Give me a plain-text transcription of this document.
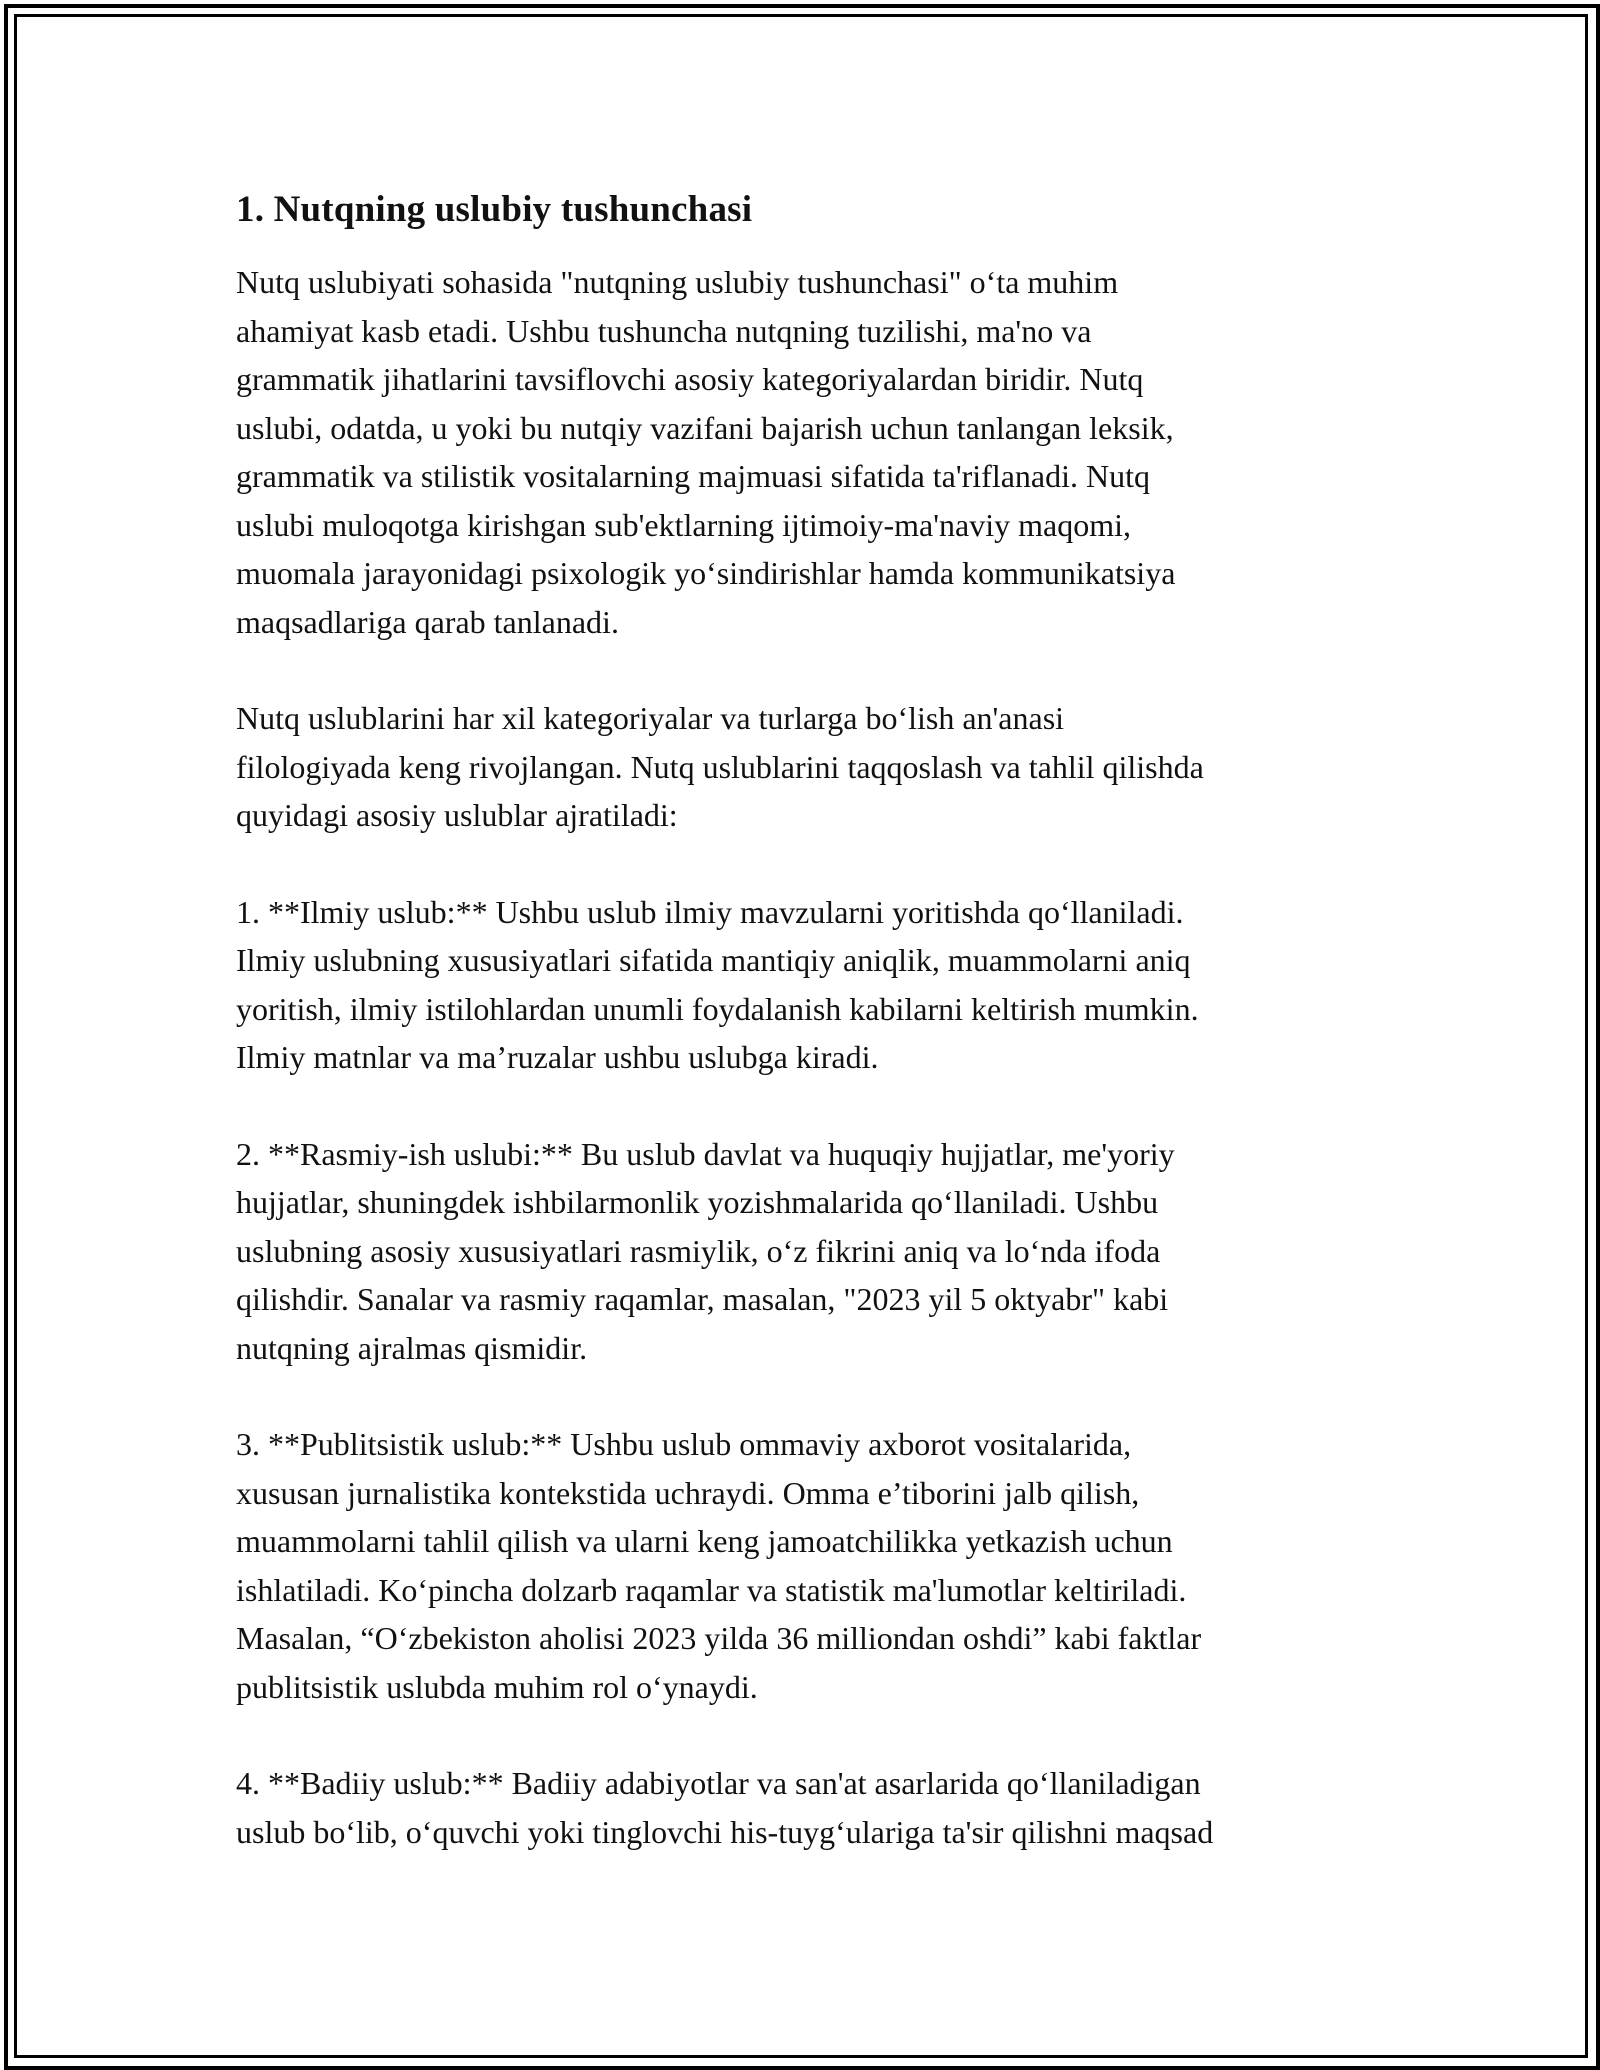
1. Nutqning uslubiy tushunchasi

Nutq uslubiyati sohasida "nutqning uslubiy tushunchasi" o‘ta muhim
ahamiyat kasb etadi. Ushbu tushuncha nutqning tuzilishi, ma'no va
grammatik jihatlarini tavsiflovchi asosiy kategoriyalardan biridir. Nutq
uslubi, odatda, u yoki bu nutqiy vazifani bajarish uchun tanlangan leksik,
grammatik va stilistik vositalarning majmuasi sifatida ta'riflanadi. Nutq
uslubi muloqotga kirishgan sub'ektlarning ijtimoiy-ma'naviy maqomi,
muomala jarayonidagi psixologik yo‘sindirishlar hamda kommunikatsiya
maqsadlariga qarab tanlanadi.

Nutq uslublarini har xil kategoriyalar va turlarga bo‘lish an'anasi
filologiyada keng rivojlangan. Nutq uslublarini taqqoslash va tahlil qilishda
quyidagi asosiy uslublar ajratiladi:

1. **Ilmiy uslub:** Ushbu uslub ilmiy mavzularni yoritishda qo‘llaniladi.
Ilmiy uslubning xususiyatlari sifatida mantiqiy aniqlik, muammolarni aniq
yoritish, ilmiy istilohlardan unumli foydalanish kabilarni keltirish mumkin.
Ilmiy matnlar va ma’ruzalar ushbu uslubga kiradi.

2. **Rasmiy-ish uslubi:** Bu uslub davlat va huquqiy hujjatlar, me'yoriy
hujjatlar, shuningdek ishbilarmonlik yozishmalarida qo‘llaniladi. Ushbu
uslubning asosiy xususiyatlari rasmiylik, o‘z fikrini aniq va lo‘nda ifoda
qilishdir. Sanalar va rasmiy raqamlar, masalan, "2023 yil 5 oktyabr" kabi
nutqning ajralmas qismidir.

3. **Publitsistik uslub:** Ushbu uslub ommaviy axborot vositalarida,
xususan jurnalistika kontekstida uchraydi. Omma e’tiborini jalb qilish,
muammolarni tahlil qilish va ularni keng jamoatchilikka yetkazish uchun
ishlatiladi. Ko‘pincha dolzarb raqamlar va statistik ma'lumotlar keltiriladi.
Masalan, “O‘zbekiston aholisi 2023 yilda 36 milliondan oshdi” kabi faktlar
publitsistik uslubda muhim rol o‘ynaydi.

4. **Badiiy uslub:** Badiiy adabiyotlar va san'at asarlarida qo‘llaniladigan
uslub bo‘lib, o‘quvchi yoki tinglovchi his-tuyg‘ulariga ta'sir qilishni maqsad
